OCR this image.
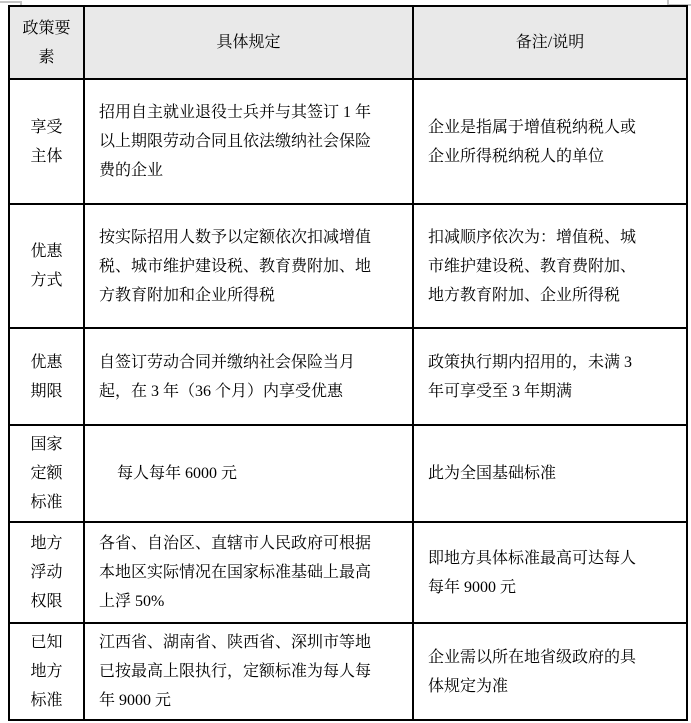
政策要素	具体规定	备注/说明
享受主体	招用自主就业退役士兵并与其签订 1 年以上期限劳动合同且依法缴纳社会保险费的企业	企业是指属于增值税纳税人或企业所得税纳税人的单位
优惠方式	按实际招用人数予以定额依次扣减增值税、城市维护建设税、教育费附加、地方教育附加和企业所得税	扣减顺序依次为：增值税、城市维护建设税、教育费附加、地方教育附加、企业所得税
优惠期限	自签订劳动合同并缴纳社会保险当月起，在 3 年（36 个月）内享受优惠	政策执行期内招用的，未满 3 年可享受至 3 年期满
国家定额标准	每人每年 6000 元	此为全国基础标准
地方浮动权限	各省、自治区、直辖市人民政府可根据本地区实际情况在国家标准基础上最高上浮 50%	即地方具体标准最高可达每人每年 9000 元
已知地方标准	江西省、湖南省、陕西省、深圳市等地已按最高上限执行，定额标准为每人每年 9000 元	企业需以所在地省级政府的具体规定为准
